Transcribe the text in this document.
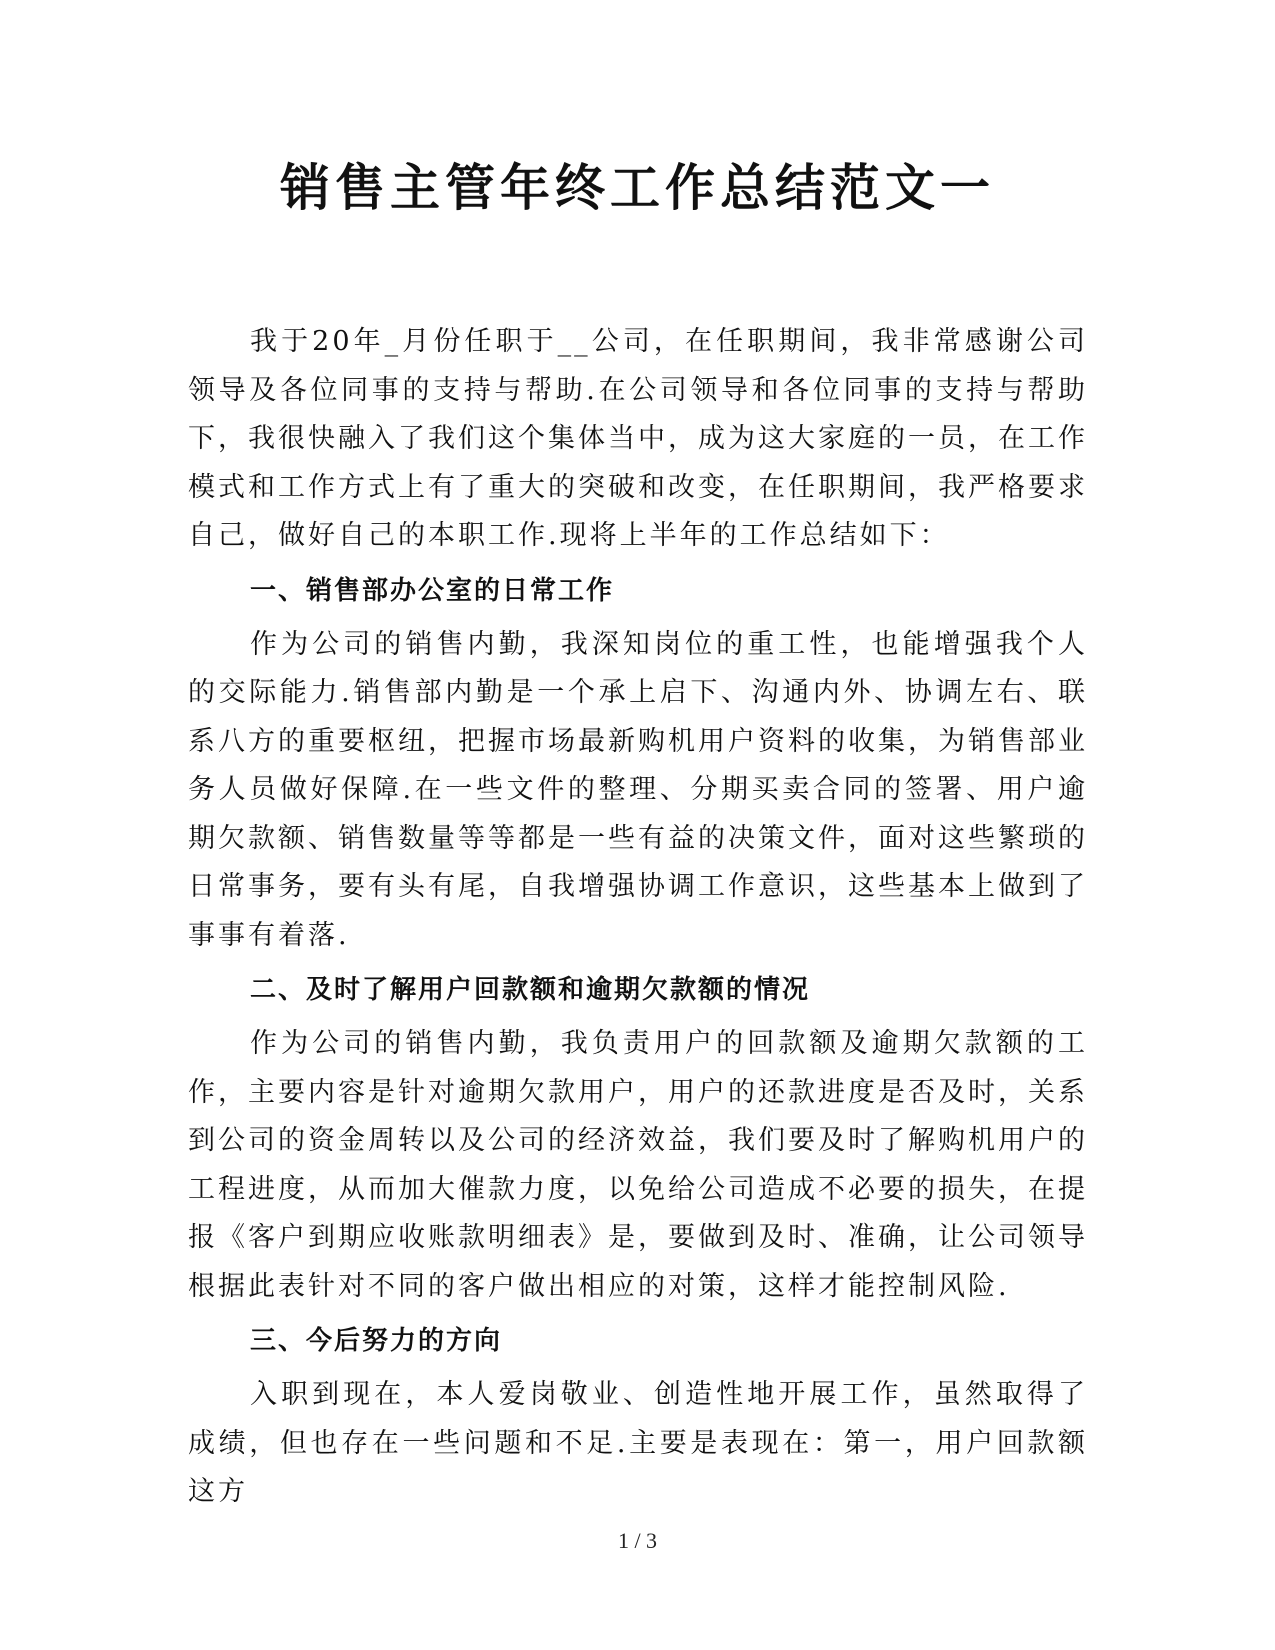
销售主管年终工作总结范文一

我于20年_月份任职于__公司，在任职期间，我非常感谢公司领导及各位同事的支持与帮助.在公司领导和各位同事的支持与帮助下，我很快融入了我们这个集体当中，成为这大家庭的一员，在工作模式和工作方式上有了重大的突破和改变，在任职期间，我严格要求自己，做好自己的本职工作.现将上半年的工作总结如下：

一、销售部办公室的日常工作

作为公司的销售内勤，我深知岗位的重工性，也能增强我个人的交际能力.销售部内勤是一个承上启下、沟通内外、协调左右、联系八方的重要枢纽，把握市场最新购机用户资料的收集，为销售部业务人员做好保障.在一些文件的整理、分期买卖合同的签署、用户逾期欠款额、销售数量等等都是一些有益的决策文件，面对这些繁琐的日常事务，要有头有尾，自我增强协调工作意识，这些基本上做到了事事有着落.

二、及时了解用户回款额和逾期欠款额的情况

作为公司的销售内勤，我负责用户的回款额及逾期欠款额的工作，主要内容是针对逾期欠款用户，用户的还款进度是否及时，关系到公司的资金周转以及公司的经济效益，我们要及时了解购机用户的工程进度，从而加大催款力度，以免给公司造成不必要的损失，在提报《客户到期应收账款明细表》是，要做到及时、准确，让公司领导根据此表针对不同的客户做出相应的对策，这样才能控制风险.

三、今后努力的方向

入职到现在，本人爱岗敬业、创造性地开展工作，虽然取得了成绩，但也存在一些问题和不足.主要是表现在：第一，用户回款额这方

1 / 3
